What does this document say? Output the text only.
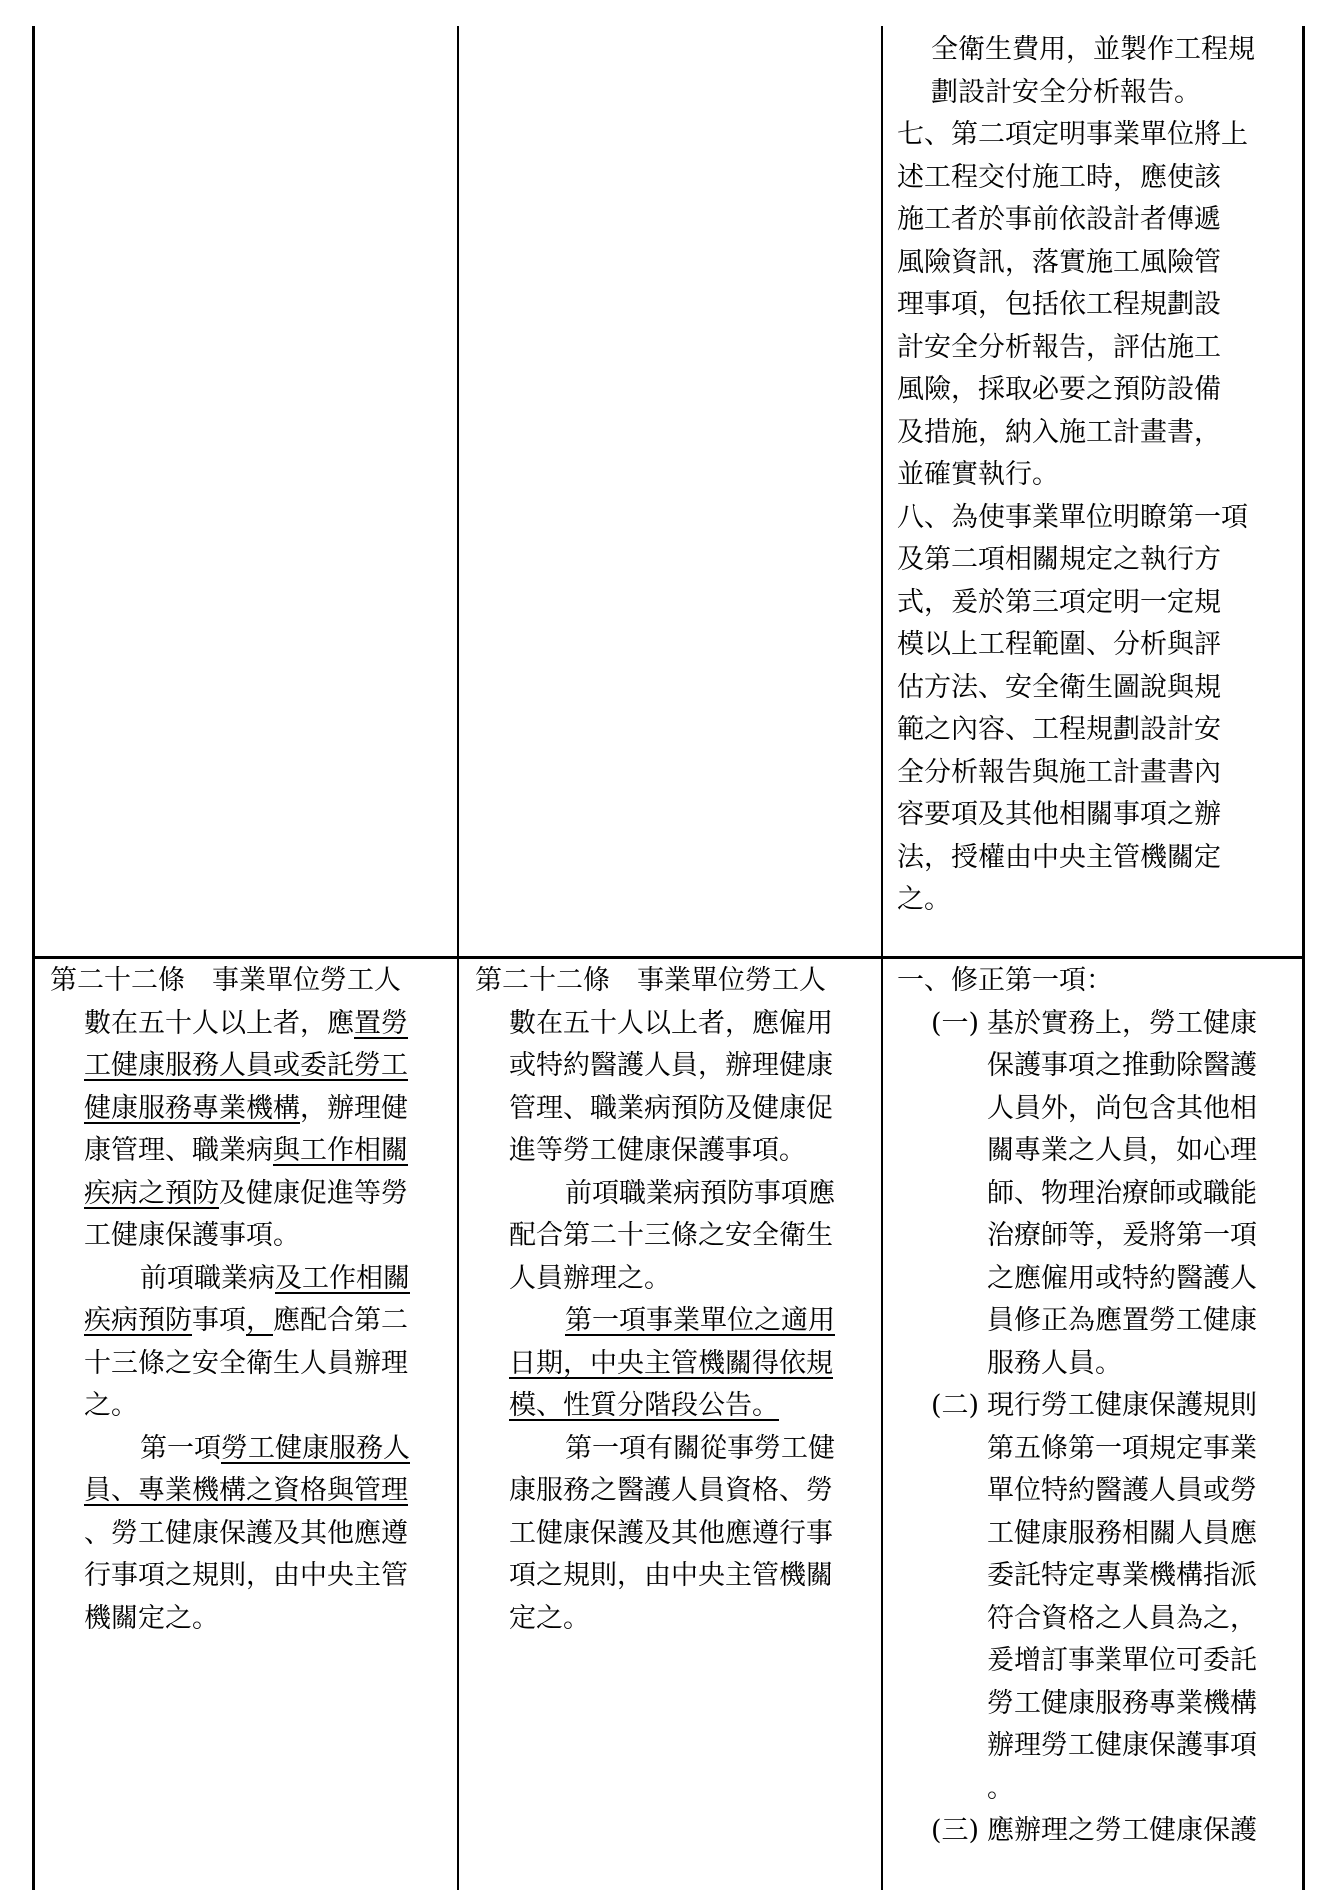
全衛生費用，並製作工程規
劃設計安全分析報告。
七、第二項定明事業單位將上
述工程交付施工時，應使該
施工者於事前依設計者傳遞
風險資訊，落實施工風險管
理事項，包括依工程規劃設
計安全分析報告，評估施工
風險，採取必要之預防設備
及措施，納入施工計畫書，
並確實執行。
八、為使事業單位明瞭第一項
及第二項相關規定之執行方
式，爰於第三項定明一定規
模以上工程範圍、分析與評
估方法、安全衛生圖說與規
範之內容、工程規劃設計安
全分析報告與施工計畫書內
容要項及其他相關事項之辦
法，授權由中央主管機關定
之。
第二十二條　事業單位勞工人
數在五十人以上者，應置勞
工健康服務人員或委託勞工
健康服務專業機構，辦理健
康管理、職業病與工作相關
疾病之預防及健康促進等勞
工健康保護事項。
前項職業病及工作相關
疾病預防事項，應配合第二
十三條之安全衛生人員辦理
之。
第一項勞工健康服務人
員、專業機構之資格與管理
、勞工健康保護及其他應遵
行事項之規則，由中央主管
機關定之。
第二十二條　事業單位勞工人
數在五十人以上者，應僱用
或特約醫護人員，辦理健康
管理、職業病預防及健康促
進等勞工健康保護事項。
前項職業病預防事項應
配合第二十三條之安全衛生
人員辦理之。
第一項事業單位之適用
日期，中央主管機關得依規
模、性質分階段公告。
第一項有關從事勞工健
康服務之醫護人員資格、勞
工健康保護及其他應遵行事
項之規則，由中央主管機關
定之。
一、修正第一項：
(一) 基於實務上，勞工健康
保護事項之推動除醫護
人員外，尚包含其他相
關專業之人員，如心理
師、物理治療師或職能
治療師等，爰將第一項
之應僱用或特約醫護人
員修正為應置勞工健康
服務人員。
(二) 現行勞工健康保護規則
第五條第一項規定事業
單位特約醫護人員或勞
工健康服務相關人員應
委託特定專業機構指派
符合資格之人員為之，
爰增訂事業單位可委託
勞工健康服務專業機構
辦理勞工健康保護事項
。
(三) 應辦理之勞工健康保護
